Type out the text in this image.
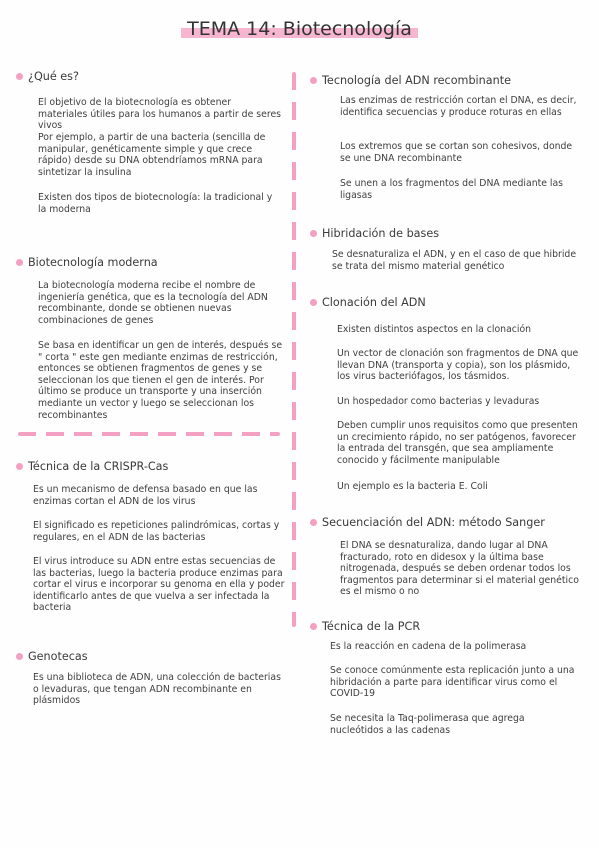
TEMA 14: Biotecnología
¿Qué es?

El objetivo de la biotecnología es obtener materiales útiles para los humanos a partir de seres vivos

Por ejemplo, a partir de una bacteria (sencilla de manipular, genéticamente simple y que crece rápido) desde su DNA obtendríamos mRNA para sintetizar la insulina

Existen dos tipos de biotecnología: la tradicional y la moderna

Biotecnología moderna

La biotecnología moderna recibe el nombre de ingeniería genética, que es la tecnología del ADN recombinante, donde se obtienen nuevas combinaciones de genes

Se basa en identificar un gen de interés, después se " corta " este gen mediante enzimas de restricción, entonces se obtienen fragmentos de genes y se seleccionan los que tienen el gen de interés. Por último se produce un transporte y una inserción mediante un vector y luego se seleccionan los recombinantes

Técnica de la CRISPR-Cas

Es un mecanismo de defensa basado en que las enzimas cortan el ADN de los virus

El significado es repeticiones palindrómicas, cortas y regulares, en el ADN de las bacterias

El virus introduce su ADN entre estas secuencias de las bacterias, luego la bacteria produce enzimas para cortar el virus e incorporar su genoma en ella y poder identificarlo antes de que vuelva a ser infectada la bacteria

Genotecas

Es una biblioteca de ADN, una colección de bacterias o levaduras, que tengan ADN recombinante en plásmidos

Tecnología del ADN recombinante

Las enzimas de restricción cortan el DNA, es decir, identifica secuencias y produce roturas en ellas

Los extremos que se cortan son cohesivos, donde se une DNA recombinante

Se unen a los fragmentos del DNA mediante las ligasas

Hibridación de bases

Se desnaturaliza el ADN, y en el caso de que hibride se trata del mismo material genético

Clonación del ADN

Existen distintos aspectos en la clonación

Un vector de clonación son fragmentos de DNA que llevan DNA (transporta y copia), son los plásmido, los virus bacteriófagos, los tásmidos.

Un hospedador como bacterias y levaduras

Deben cumplir unos requisitos como que presenten un crecimiento rápido, no ser patógenos, favorecer la entrada del transgén, que sea ampliamente conocido y fácilmente manipulable

Un ejemplo es la bacteria E. Coli

Secuenciación del ADN: método Sanger

El DNA se desnaturaliza, dando lugar al DNA fracturado, roto en didesox y la última base nitrogenada, después se deben ordenar todos los fragmentos para determinar si el material genético es el mismo o no

Técnica de la PCR

Es la reacción en cadena de la polimerasa

Se conoce comúnmente esta replicación junto a una hibridación a parte para identificar virus como el COVID-19

Se necesita la Taq-polimerasa que agrega nucleótidos a las cadenas
